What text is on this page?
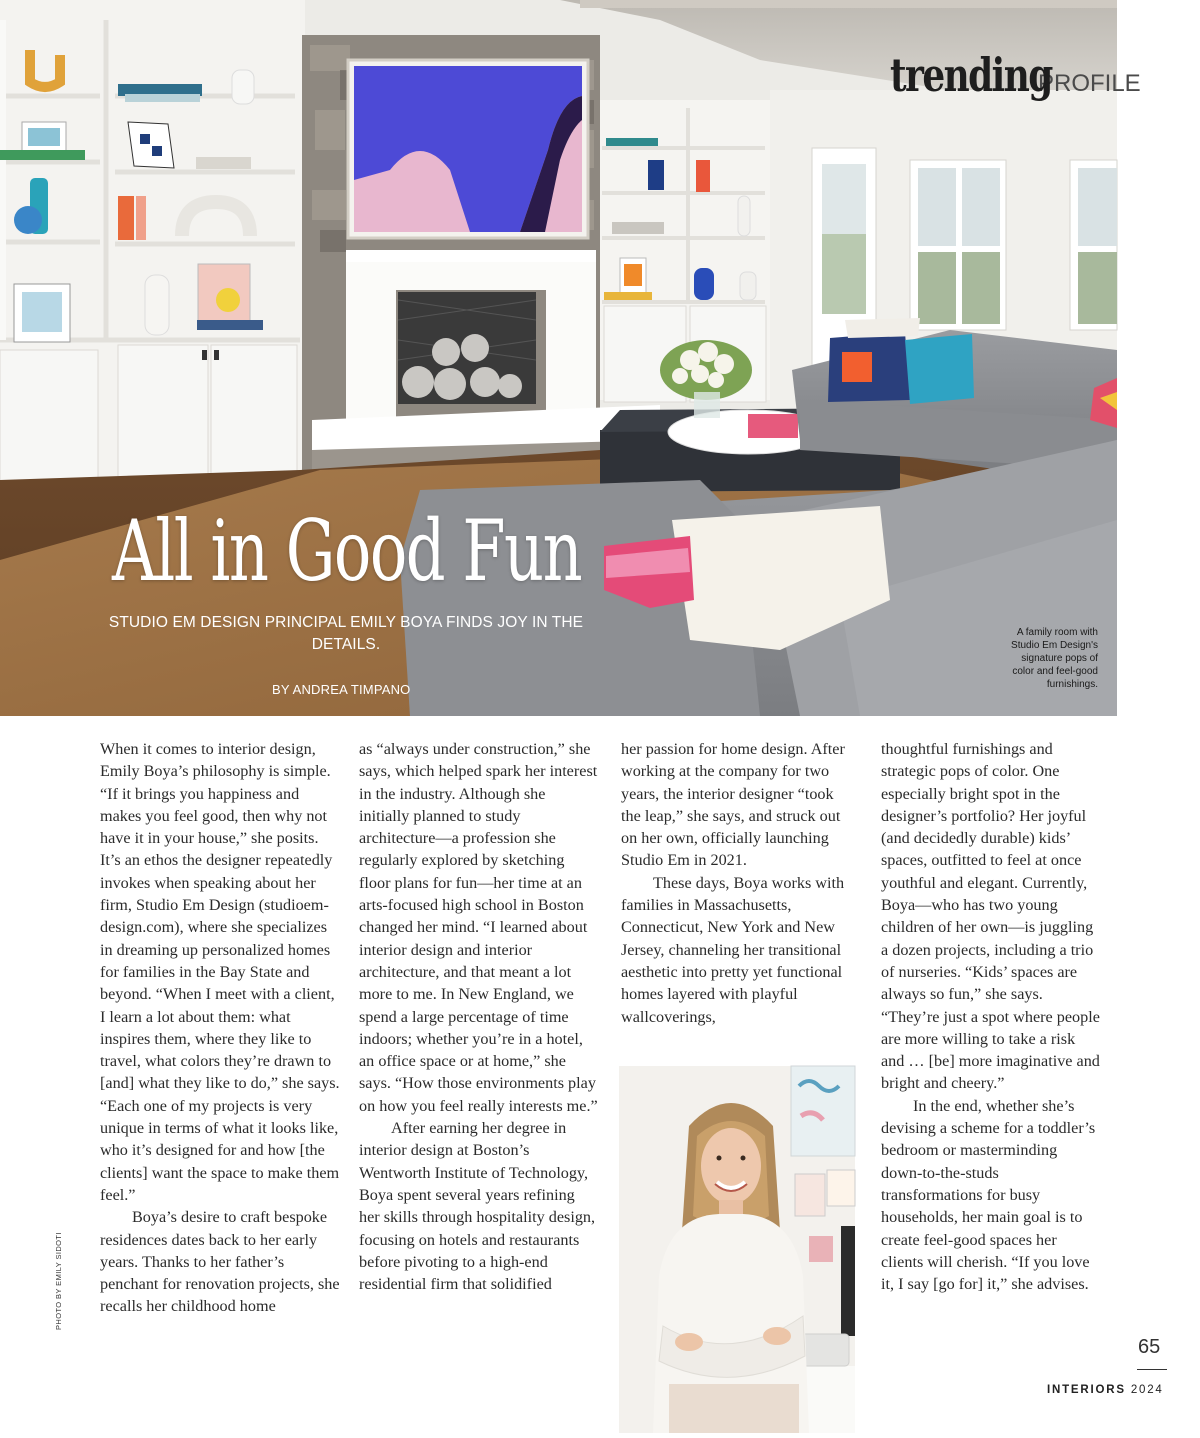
trending
PROFILE
All in Good Fun
STUDIO EM DESIGN PRINCIPAL EMILY BOYA FINDS JOY IN THE DETAILS.
BY ANDREA TIMPANO
A family room with Studio Em Design's signature pops of color and feel-good furnishings.
PHOTO BY EMILY SIDOTI

When it comes to interior design, Emily Boya’s philosophy is simple. “If it brings you happiness and makes you feel good, then why not have it in your house,” she posits. It’s an ethos the designer repeatedly invokes when speaking about her firm, Studio Em Design (studioem-design.com), where she specializes in dreaming up personalized homes for families in the Bay State and beyond. “When I meet with a client, I learn a lot about them: what inspires them, where they like to travel, what colors they’re drawn to [and] what they like to do,” she says. “Each one of my projects is very unique in terms of what it looks like, who it’s designed for and how [the clients] want the space to make them feel.”

Boya’s desire to craft bespoke residences dates back to her early years. Thanks to her father’s penchant for renovation projects, she recalls her childhood home

as “always under construction,” she says, which helped spark her interest in the industry. Although she initially planned to study architecture—a profession she regularly explored by sketching floor plans for fun—her time at an arts-focused high school in Boston changed her mind. “I learned about interior design and interior architecture, and that meant a lot more to me. In New England, we spend a large percentage of time indoors; whether you’re in a hotel, an office space or at home,” she says. “How those environments play on how you feel really interests me.”

After earning her degree in interior design at Boston’s Wentworth Institute of Technology, Boya spent several years refining her skills through hospitality design, focusing on hotels and restaurants before pivoting to a high-end residential firm that solidified

her passion for home design. After working at the company for two years, the interior designer “took the leap,” she says, and struck out on her own, officially launching Studio Em in 2021.

These days, Boya works with families in Massachusetts, Connecticut, New York and New Jersey, channeling her transitional aesthetic into pretty yet functional homes layered with playful wallcoverings,

thoughtful furnishings and strategic pops of color. One especially bright spot in the designer’s portfolio? Her joyful (and decidedly durable) kids’ spaces, outfitted to feel at once youthful and elegant. Currently, Boya—who has two young children of her own—is juggling a dozen projects, including a trio of nurseries. “Kids’ spaces are always so fun,” she says. “They’re just a spot where people are more willing to take a risk and … [be] more imaginative and bright and cheery.”

In the end, whether she’s devising a scheme for a toddler’s bedroom or masterminding down-to-the-studs transformations for busy households, her main goal is to create feel-good spaces her clients will cherish. “If you love it, I say [go for] it,” she advises.

65
INTERIORS 2024
